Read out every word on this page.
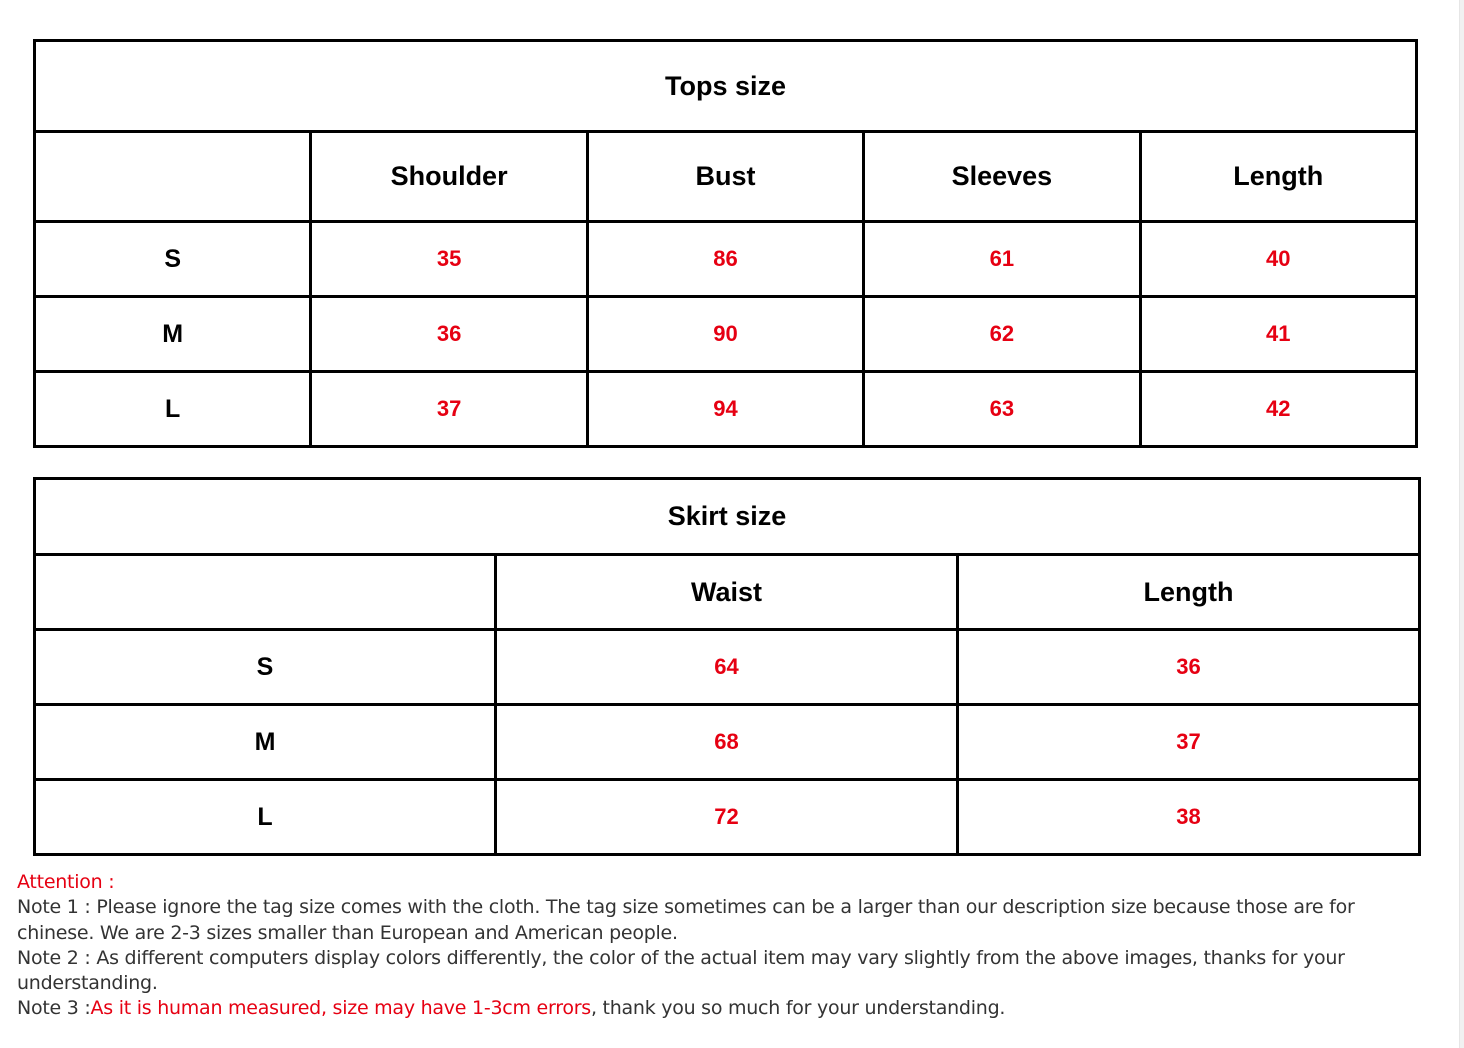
Tops size				
	Shoulder	Bust	Sleeves	Length
S	35	86	61	40
M	36	90	62	41
L	37	94	63	42
Skirt size		
	Waist	Length
S	64	36
M	68	37
L	72	38

Attention :

Note 1 : Please ignore the tag size comes with the cloth. The tag size sometimes can be a larger than our description size because those are for chinese. We are 2-3 sizes smaller than European and American people.

Note 2 : As different computers display colors differently, the color of the actual item may vary slightly from the above images, thanks for your understanding.

Note 3 :As it is human measured, size may have 1-3cm errors, thank you so much for your understanding.
